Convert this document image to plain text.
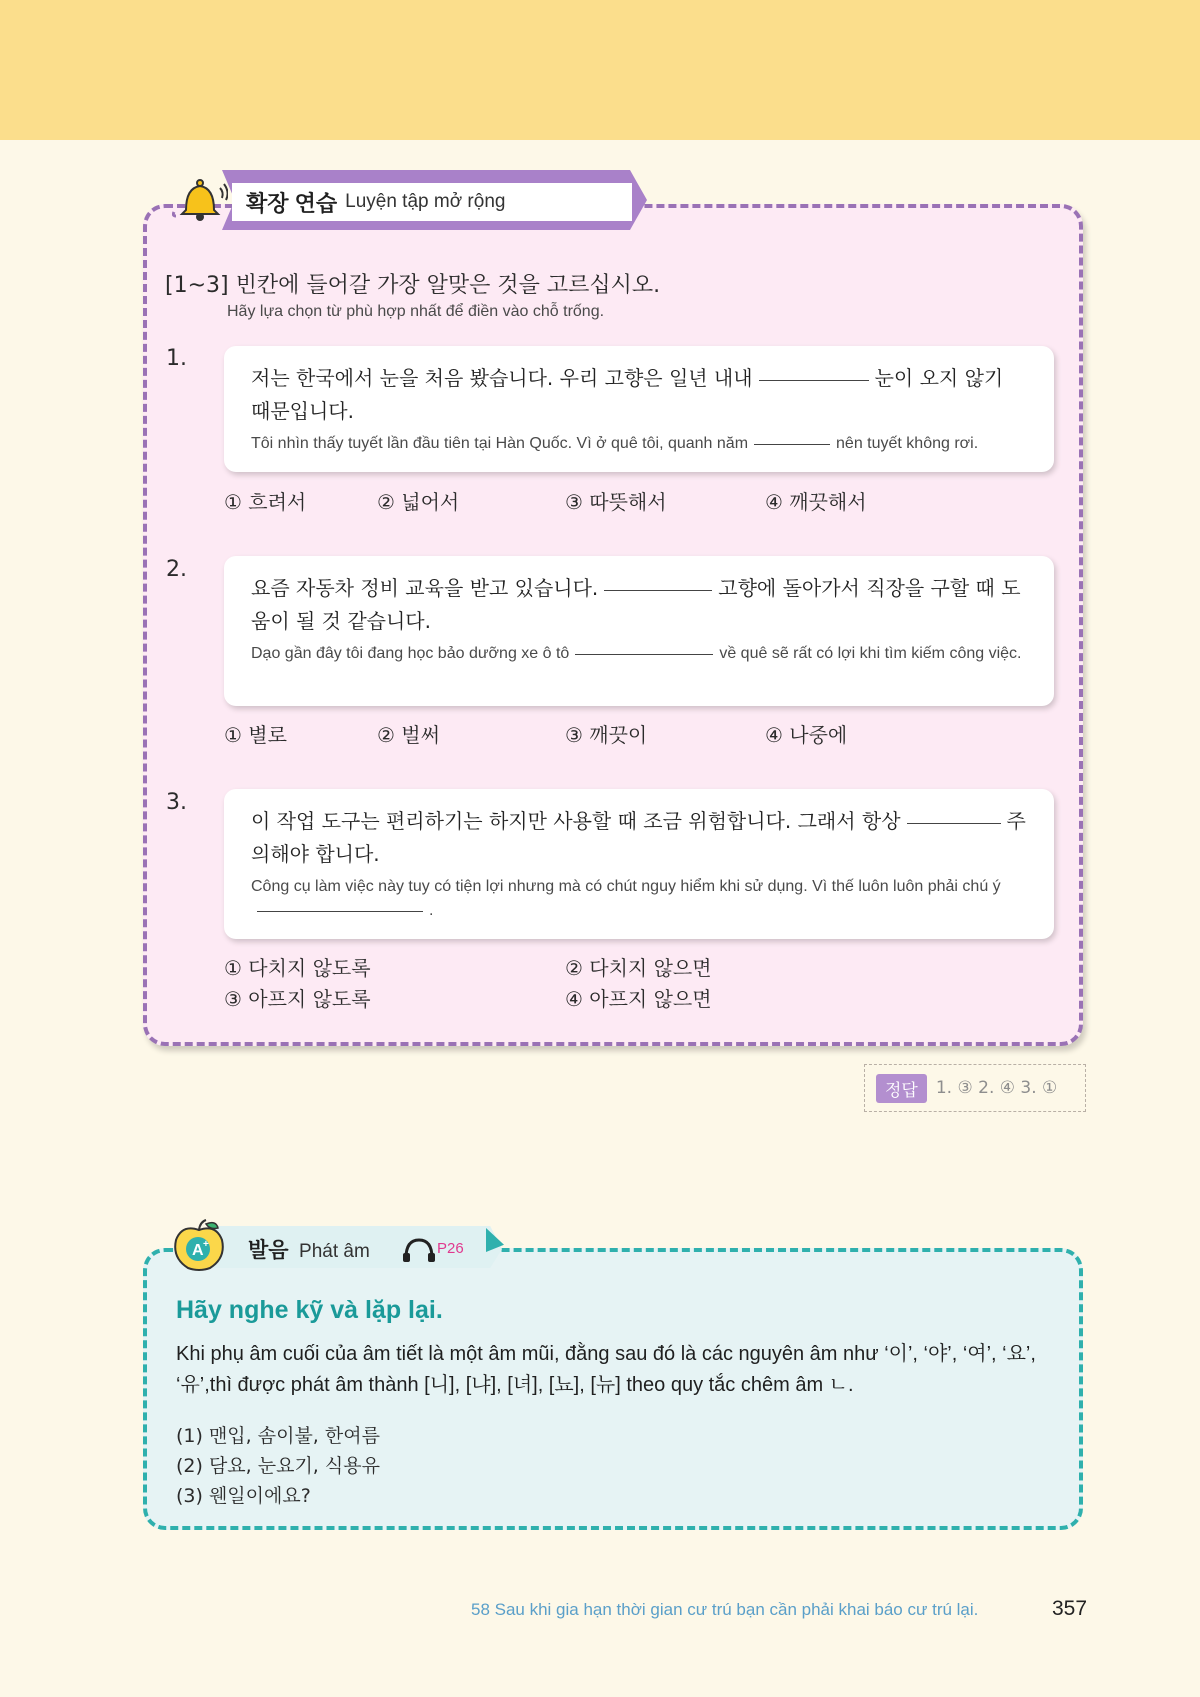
확장 연습 Luyện tập mở rộng
[1~3] 빈칸에 들어갈 가장 알맞은 것을 고르십시오.
Hãy lựa chọn từ phù hợp nhất để điền vào chỗ trống.
1.
저는 한국에서 눈을 처음 봤습니다. 우리 고향은 일년 내내	눈이 오지 않기 때문입니다.
Tôi nhìn thấy tuyết lần đầu tiên tại Hàn Quốc. Vì ở quê tôi, quanh năm	nên tuyết không rơi.
① 흐려서	② 넓어서	③ 따뜻해서	④ 깨끗해서
2.
요즘 자동차 정비 교육을 받고 있습니다.	고향에 돌아가서 직장을 구할 때 도움이 될 것 같습니다.
Dạo gần đây tôi đang học bảo dưỡng xe ô tô	về quê sẽ rất có lợi khi tìm kiếm công việc.
① 별로	② 벌써	③ 깨끗이	④ 나중에
3.
이 작업 도구는 편리하기는 하지만 사용할 때 조금 위험합니다. 그래서 항상	주의해야 합니다.
Công cụ làm việc này tuy có tiện lợi nhưng mà có chút nguy hiểm khi sử dụng. Vì thế luôn luôn phải chú ý.
① 다치지 않도록	② 다치지 않으면
③ 아프지 않도록	④ 아프지 않으면
정답	1. ③ 2. ④ 3. ①
A + 발음 Phát âm	P26
Hãy nghe kỹ và lặp lại.
Khi phụ âm cuối của âm tiết là một âm mũi, đằng sau đó là các nguyên âm như ‘이’, ‘야’, ‘여’, ‘요’, ‘유’,thì được phát âm thành [니], [냐], [녀], [뇨], [뉴] theo quy tắc chêm âm ㄴ.
(1) 맨입, 솜이불, 한여름
(2) 담요, 눈요기, 식용유
(3) 웬일이에요?
58 Sau khi gia hạn thời gian cư trú bạn cần phải khai báo cư trú lại.	357
